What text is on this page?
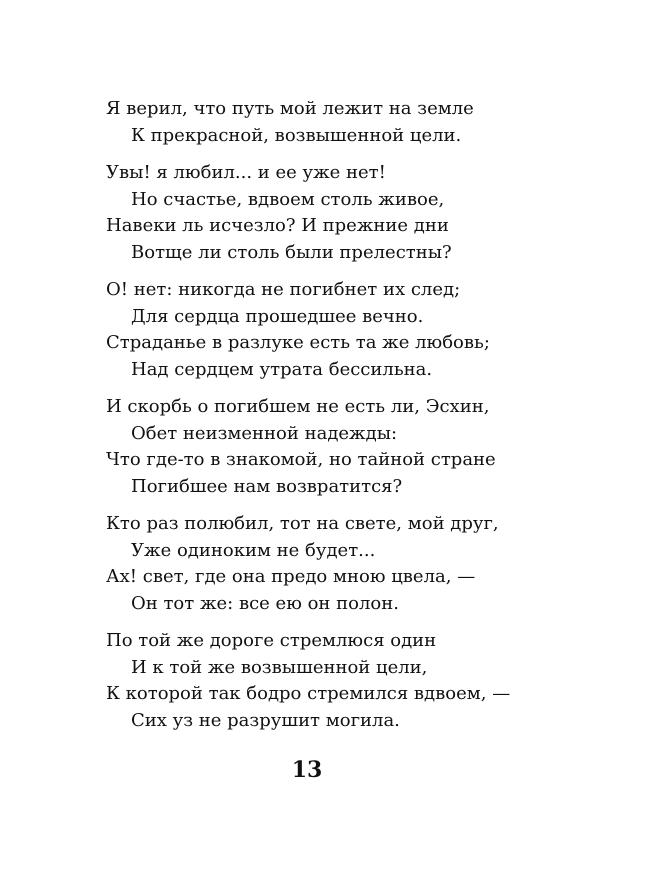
Я верил, что путь мой лежит на земле
К прекрасной, возвышенной цели.
Увы! я любил... и ее уже нет!
Но счастье, вдвоем столь живое,
Навеки ль исчезло? И прежние дни
Вотще ли столь были прелестны?
О! нет: никогда не погибнет их след;
Для сердца прошедшее вечно.
Страданье в разлуке есть та же любовь;
Над сердцем утрата бессильна.
И скорбь о погибшем не есть ли, Эсхин,
Обет неизменной надежды:
Что где-то в знакомой, но тайной стране
Погибшее нам возвратится?
Кто раз полюбил, тот на свете, мой друг,
Уже одиноким не будет...
Ах! свет, где она предо мною цвела, —
Он тот же: все ею он полон.
По той же дороге стремлюся один
И к той же возвышенной цели,
К которой так бодро стремился вдвоем, —
Сих уз не разрушит могила.
13
